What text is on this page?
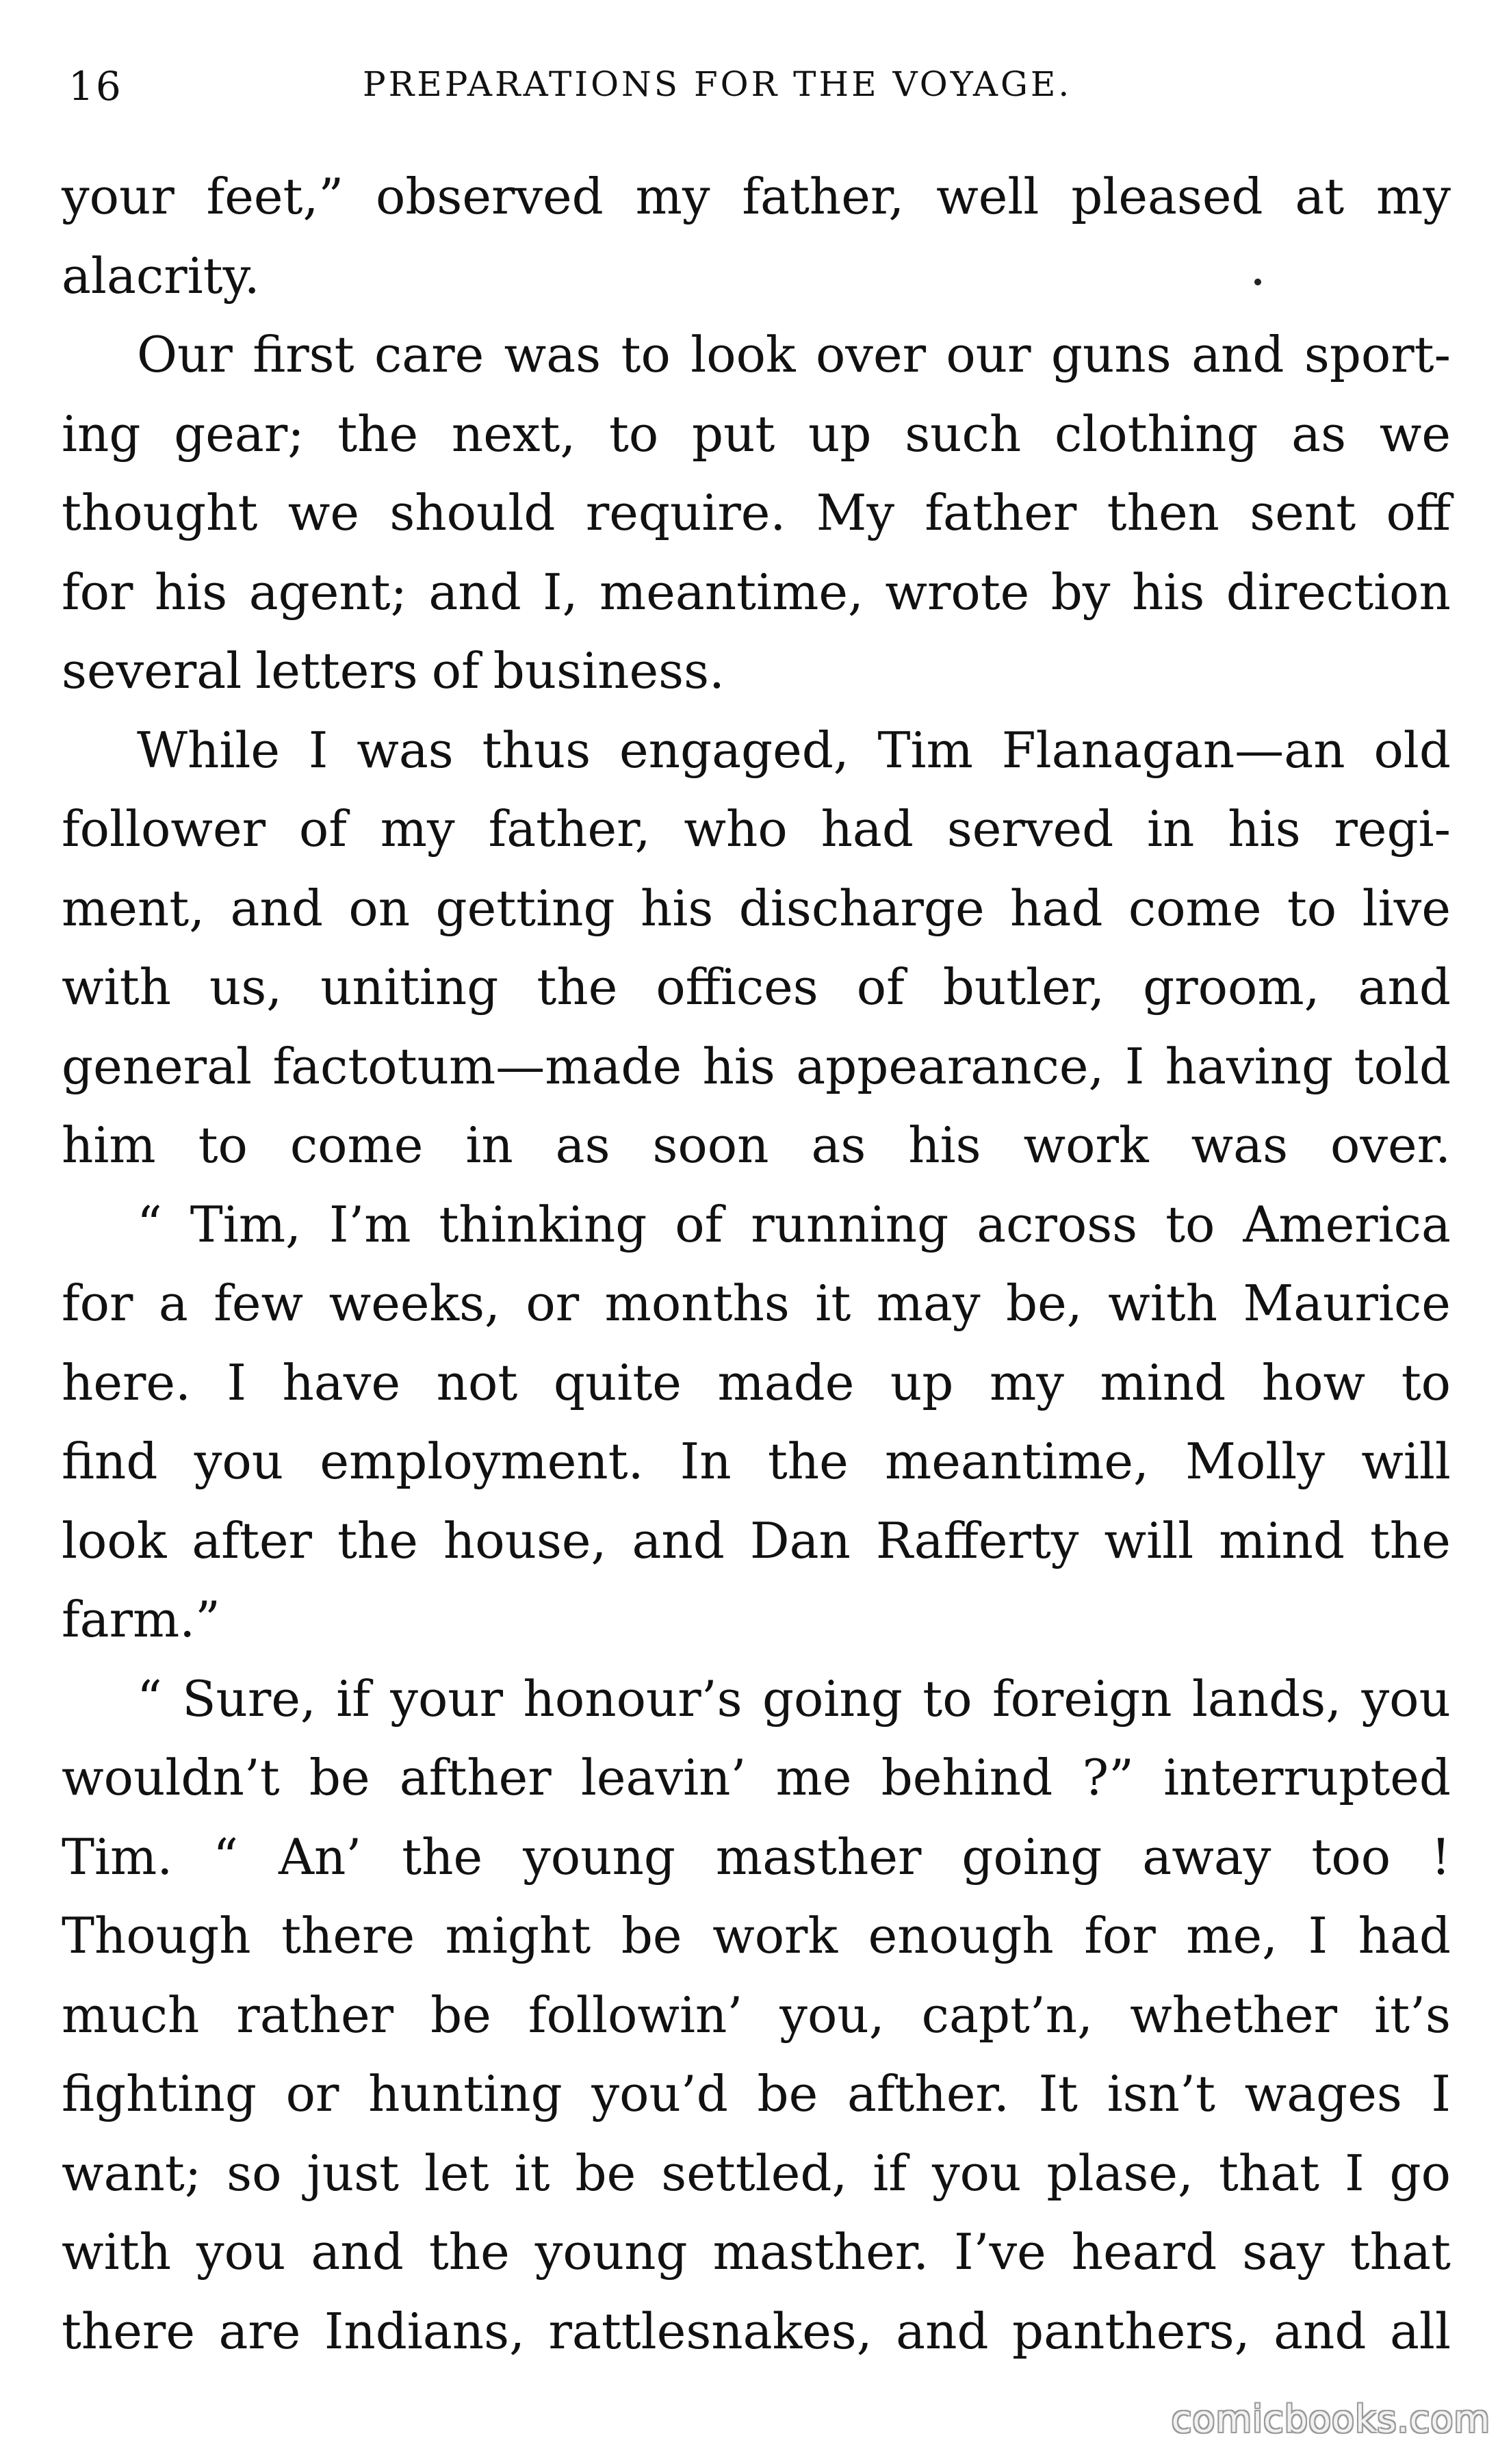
16	PREPARATIONS FOR THE VOYAGE.
your feet,” observed my father, well pleased at my
alacrity.
Our first care was to look over our guns and sport-
ing gear; the next, to put up such clothing as we
thought we should require. My father then sent off
for his agent; and I, meantime, wrote by his direction
several letters of business.
While I was thus engaged, Tim Flanagan—an old
follower of my father, who had served in his regi-
ment, and on getting his discharge had come to live
with us, uniting the offices of butler, groom, and
general factotum—made his appearance, I having told
him to come in as soon as his work was over.
“ Tim, I’m thinking of running across to America
for a few weeks, or months it may be, with Maurice
here. I have not quite made up my mind how to
find you employment. In the meantime, Molly will
look after the house, and Dan Rafferty will mind the
farm.”
“ Sure, if your honour’s going to foreign lands, you
wouldn’t be afther leavin’ me behind ?” interrupted
Tim. “ An’ the young masther going away too !
Though there might be work enough for me, I had
much rather be followin’ you, capt’n, whether it’s
fighting or hunting you’d be afther. It isn’t wages I
want; so just let it be settled, if you plase, that I go
with you and the young masther. I’ve heard say that
there are Indians, rattlesnakes, and panthers, and all
comicbooks.com
